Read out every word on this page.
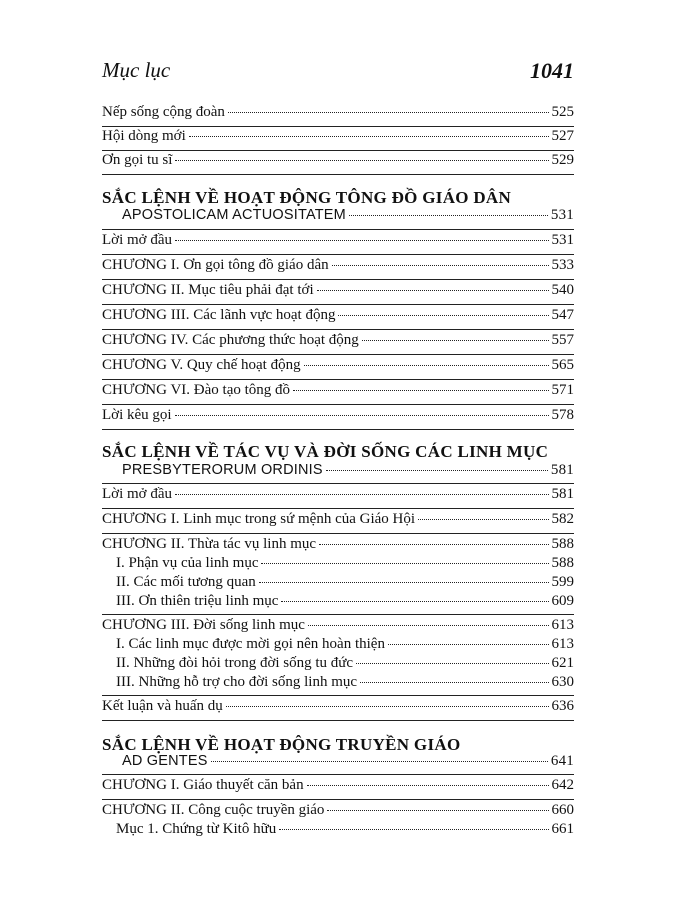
Mục lục	1041
Nếp sống cộng đoàn	525
Hội dòng mới	527
Ơn gọi tu sĩ	529
SẮC LỆNH VỀ HOẠT ĐỘNG TÔNG ĐỒ GIÁO DÂN
APOSTOLICAM ACTUOSITATEM	531
Lời mở đầu	531
CHƯƠNG I. Ơn gọi tông đồ giáo dân	533
CHƯƠNG II. Mục tiêu phải đạt tới	540
CHƯƠNG III. Các lãnh vực hoạt động	547
CHƯƠNG IV. Các phương thức hoạt động	557
CHƯƠNG V. Quy chế hoạt động	565
CHƯƠNG VI. Đào tạo tông đồ	571
Lời kêu gọi	578
SẮC LỆNH VỀ TÁC VỤ VÀ ĐỜI SỐNG CÁC LINH MỤC
PRESBYTERORUM ORDINIS	581
Lời mở đầu	581
CHƯƠNG I. Linh mục trong sứ mệnh của Giáo Hội	582
CHƯƠNG II. Thừa tác vụ linh mục	588
I. Phận vụ của linh mục	588
II. Các mối tương quan	599
III. Ơn thiên triệu linh mục	609
CHƯƠNG III. Đời sống linh mục	613
I. Các linh mục được mời gọi nên hoàn thiện	613
II. Những đòi hỏi trong đời sống tu đức	621
III. Những hỗ trợ cho đời sống linh mục	630
Kết luận và huấn dụ	636
SẮC LỆNH VỀ HOẠT ĐỘNG TRUYỀN GIÁO
AD GENTES	641
CHƯƠNG I. Giáo thuyết căn bản	642
CHƯƠNG II. Công cuộc truyền giáo	660
Mục 1. Chứng từ Kitô hữu	661
